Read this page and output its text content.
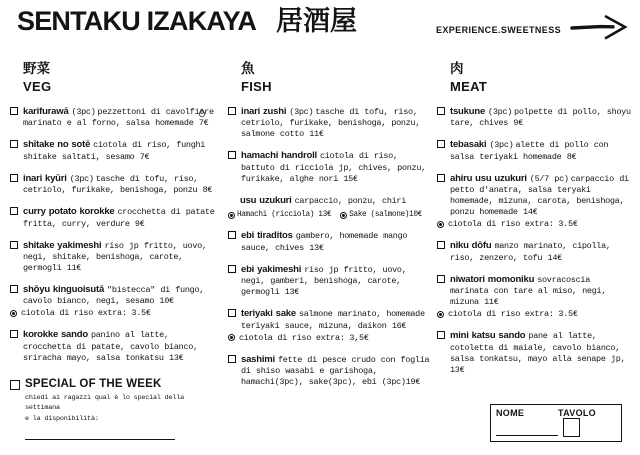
SENTAKU IZAKAYA 居酒屋	EXPERIENCE.SWEETNESS
野菜
VEG
karifurawā (3pc) pezzettoni di cavolfiore marinato e al forno, salsa homemade 7€
shītake no sotē ciotola di riso, funghi shitake saltati, sesamo 7€
inari kyūri (3pc) tasche di tofu, riso, cetriolo, furikake, benishoga, ponzu 8€
curry potato korokke crocchetta di patate fritta, curry, verdure 9€
shitake yakimeshi riso jp fritto, uovo, negi, shitake, benishoga, carote, germogli 11€
shōyu kinguoisutā "bistecca" di fungo, cavolo bianco, negi, sesamo 10€
ciotola di riso extra: 3.5€
korokke sando panino al latte, crocchetta di patate, cavolo bianco, sriracha mayo, salsa tonkatsu 13€
SPECIAL OF THE WEEK
chiedi ai ragazzi qual è lo special della settimana
e la disponibilità:
魚
FISH
inari zushi (3pc) tasche di tofu, riso, cetriolo, furikake, benishoga, ponzu, salmone cotto 11€
hamachi handroll ciotola di riso, battuto di ricciola jp, chives, ponzu, furikake, alghe nori 15€
usu uzukuri carpaccio, ponzu, chiri
Hamachi (ricciola) 13€ Sake (salmone)10€
ebi tiraditos gambero, homemade mango sauce, chives 13€
ebi yakimeshi riso jp fritto, uovo, negi, gamberi, benishoga, carote, germogli 13€
teriyaki sake salmone marinato, homemade teriyaki sauce, mizuna, daikon 16€
ciotola di riso extra: 3,5€
sashimi fette di pesce crudo con foglia di shiso wasabi e garishoga, hamachi(3pc), sake(3pc), ebi (3pc)19€
肉
MEAT
tsukune (3pc) polpette di pollo, shoyu tare, chives 9€
tebasaki (3pc) alette di pollo con salsa teriyaki homemade 8€
ahiru usu uzukuri (5/7 pc) carpaccio di petto d'anatra, salsa teryaki homemade, mizuna, carota, benishoga, ponzu homemade 14€
ciotola di riso extra: 3.5€
niku dōfu manzo marinato, cipolla, riso, zenzero, tofu 14€
niwatori momoniku sovracoscia marinata con tare al miso, negi, mizuna 11€
ciotola di riso extra: 3.5€
mini katsu sando pane al latte, cotoletta di maiale, cavolo bianco, salsa tonkatsu, mayo alla senape jp, 13€
NOME	TAVOLO
